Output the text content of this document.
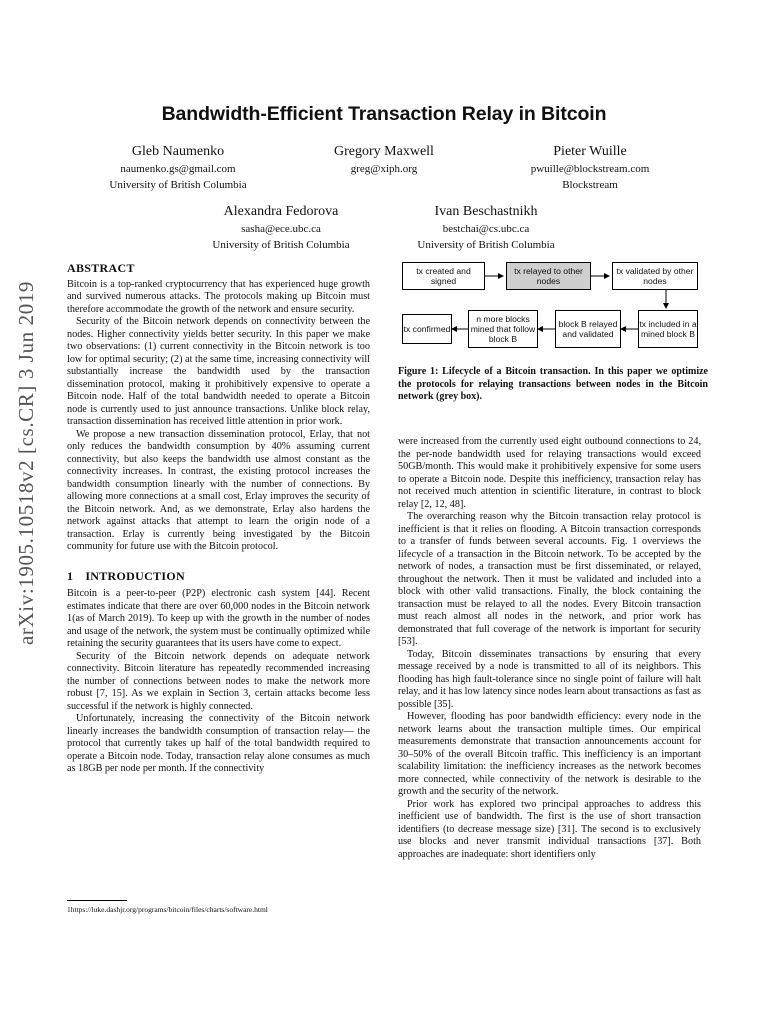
arXiv:1905.10518v2 [cs.CR] 3 Jun 2019
Bandwidth-Efficient Transaction Relay in Bitcoin
Gleb Naumenko
naumenko.gs@gmail.com
University of British Columbia
Gregory Maxwell
greg@xiph.org
Pieter Wuille
pwuille@blockstream.com
Blockstream
Alexandra Fedorova
sasha@ece.ubc.ca
University of British Columbia
Ivan Beschastnikh
bestchai@cs.ubc.ca
University of British Columbia
ABSTRACT

Bitcoin is a top-ranked cryptocurrency that has experienced huge growth and survived numerous attacks. The protocols making up Bitcoin must therefore accommodate the growth of the network and ensure security.

Security of the Bitcoin network depends on connectivity between the nodes. Higher connectivity yields better security. In this paper we make two observations: (1) current connectivity in the Bitcoin network is too low for optimal security; (2) at the same time, increasing connectivity will substantially increase the bandwidth used by the transaction dissemination protocol, making it prohibitively expensive to operate a Bitcoin node. Half of the total bandwidth needed to operate a Bitcoin node is currently used to just announce transactions. Unlike block relay, transaction dissemination has received little attention in prior work.

We propose a new transaction dissemination protocol, Erlay, that not only reduces the bandwidth consumption by 40% assuming current connectivity, but also keeps the bandwidth use almost constant as the connectivity increases. In contrast, the existing protocol increases the bandwidth consumption linearly with the number of connections. By allowing more connections at a small cost, Erlay improves the security of the Bitcoin network. And, as we demonstrate, Erlay also hardens the network against attacks that attempt to learn the origin node of a transaction. Erlay is currently being investigated by the Bitcoin community for future use with the Bitcoin protocol.

1 INTRODUCTION

Bitcoin is a peer-to-peer (P2P) electronic cash system [44]. Recent estimates indicate that there are over 60,000 nodes in the Bitcoin network 1(as of March 2019). To keep up with the growth in the number of nodes and usage of the network, the system must be continually optimized while retaining the security guarantees that its users have come to expect.

Security of the Bitcoin network depends on adequate network connectivity. Bitcoin literature has repeatedly recommended increasing the number of connections between nodes to make the network more robust [7, 15]. As we explain in Section 3, certain attacks become less successful if the network is highly connected.

Unfortunately, increasing the connectivity of the Bitcoin network linearly increases the bandwidth consumption of transaction relay— the protocol that currently takes up half of the total bandwidth required to operate a Bitcoin node. Today, transaction relay alone consumes as much as 18GB per node per month. If the connectivity

1https://luke.dashjr.org/programs/bitcoin/files/charts/software.html
tx created and signed
tx relayed to other nodes
tx validated by other nodes
tx included in a mined block B
block B relayed and validated
n more blocks mined that follow block B
tx confirmed
Figure 1: Lifecycle of a Bitcoin transaction. In this paper we optimize the protocols for relaying transactions between nodes in the Bitcoin network (grey box).

were increased from the currently used eight outbound connections to 24, the per-node bandwidth used for relaying transactions would exceed 50GB/month. This would make it prohibitively expensive for some users to operate a Bitcoin node. Despite this inefficiency, transaction relay has not received much attention in scientific literature, in contrast to block relay [2, 12, 48].

The overarching reason why the Bitcoin transaction relay protocol is inefficient is that it relies on flooding. A Bitcoin transaction corresponds to a transfer of funds between several accounts. Fig. 1 overviews the lifecycle of a transaction in the Bitcoin network. To be accepted by the network of nodes, a transaction must be first disseminated, or relayed, throughout the network. Then it must be validated and included into a block with other valid transactions. Finally, the block containing the transaction must be relayed to all the nodes. Every Bitcoin transaction must reach almost all nodes in the network, and prior work has demonstrated that full coverage of the network is important for security [53].

Today, Bitcoin disseminates transactions by ensuring that every message received by a node is transmitted to all of its neighbors. This flooding has high fault-tolerance since no single point of failure will halt relay, and it has low latency since nodes learn about transactions as fast as possible [35].

However, flooding has poor bandwidth efficiency: every node in the network learns about the transaction multiple times. Our empirical measurements demonstrate that transaction announcements account for 30–50% of the overall Bitcoin traffic. This inefficiency is an important scalability limitation: the inefficiency increases as the network becomes more connected, while connectivity of the network is desirable to the growth and the security of the network.

Prior work has explored two principal approaches to address this inefficient use of bandwidth. The first is the use of short transaction identifiers (to decrease message size) [31]. The second is to exclusively use blocks and never transmit individual transactions [37]. Both approaches are inadequate: short identifiers only
